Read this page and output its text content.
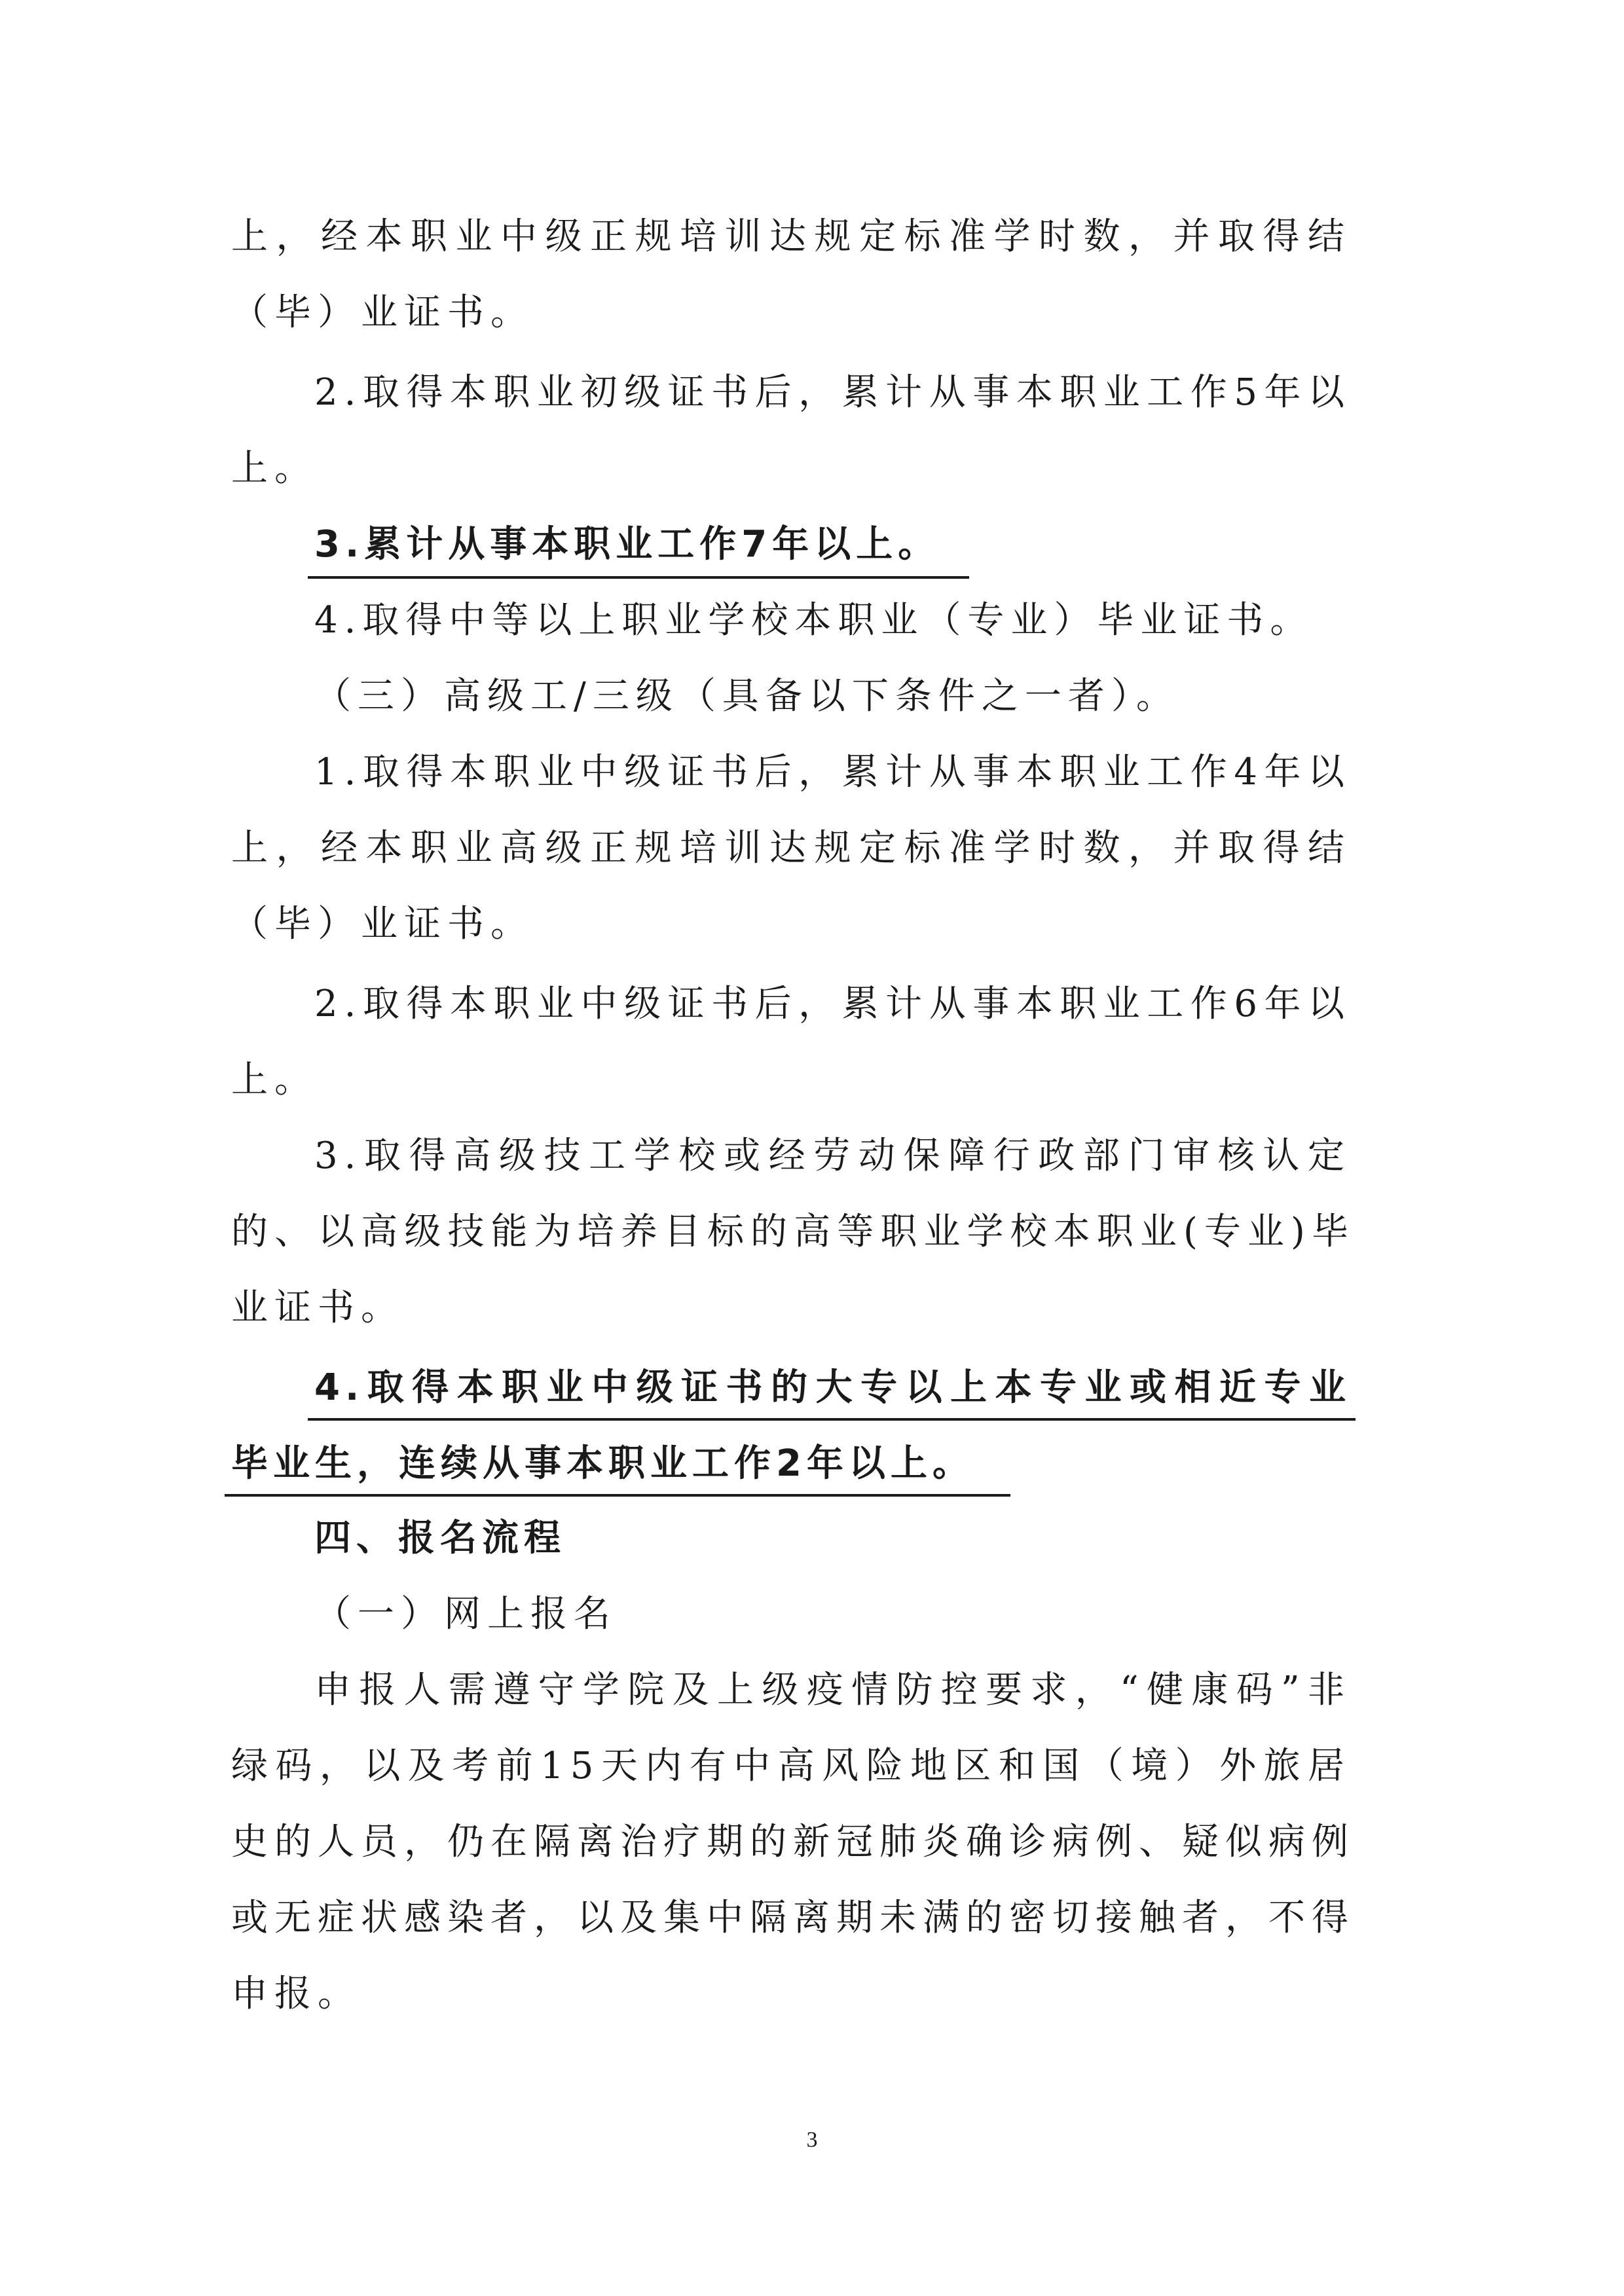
上，经本职业中级正规培训达规定标准学时数，并取得结
（毕）业证书。
2.取得本职业初级证书后，累计从事本职业工作5年以
上。
3.累计从事本职业工作7年以上。
4.取得中等以上职业学校本职业（专业）毕业证书。
（三）高级工/三级（具备以下条件之一者）。
1.取得本职业中级证书后，累计从事本职业工作4年以
上，经本职业高级正规培训达规定标准学时数，并取得结
（毕）业证书。
2.取得本职业中级证书后，累计从事本职业工作6年以
上。
3.取得高级技工学校或经劳动保障行政部门审核认定
的、以高级技能为培养目标的高等职业学校本职业(专业)毕
业证书。
4.取得本职业中级证书的大专以上本专业或相近专业
毕业生，连续从事本职业工作2年以上。
四、报名流程
（一）网上报名
申报人需遵守学院及上级疫情防控要求，“健康码”非
绿码，以及考前15天内有中高风险地区和国（境）外旅居
史的人员，仍在隔离治疗期的新冠肺炎确诊病例、疑似病例
或无症状感染者，以及集中隔离期未满的密切接触者，不得
申报。
3
